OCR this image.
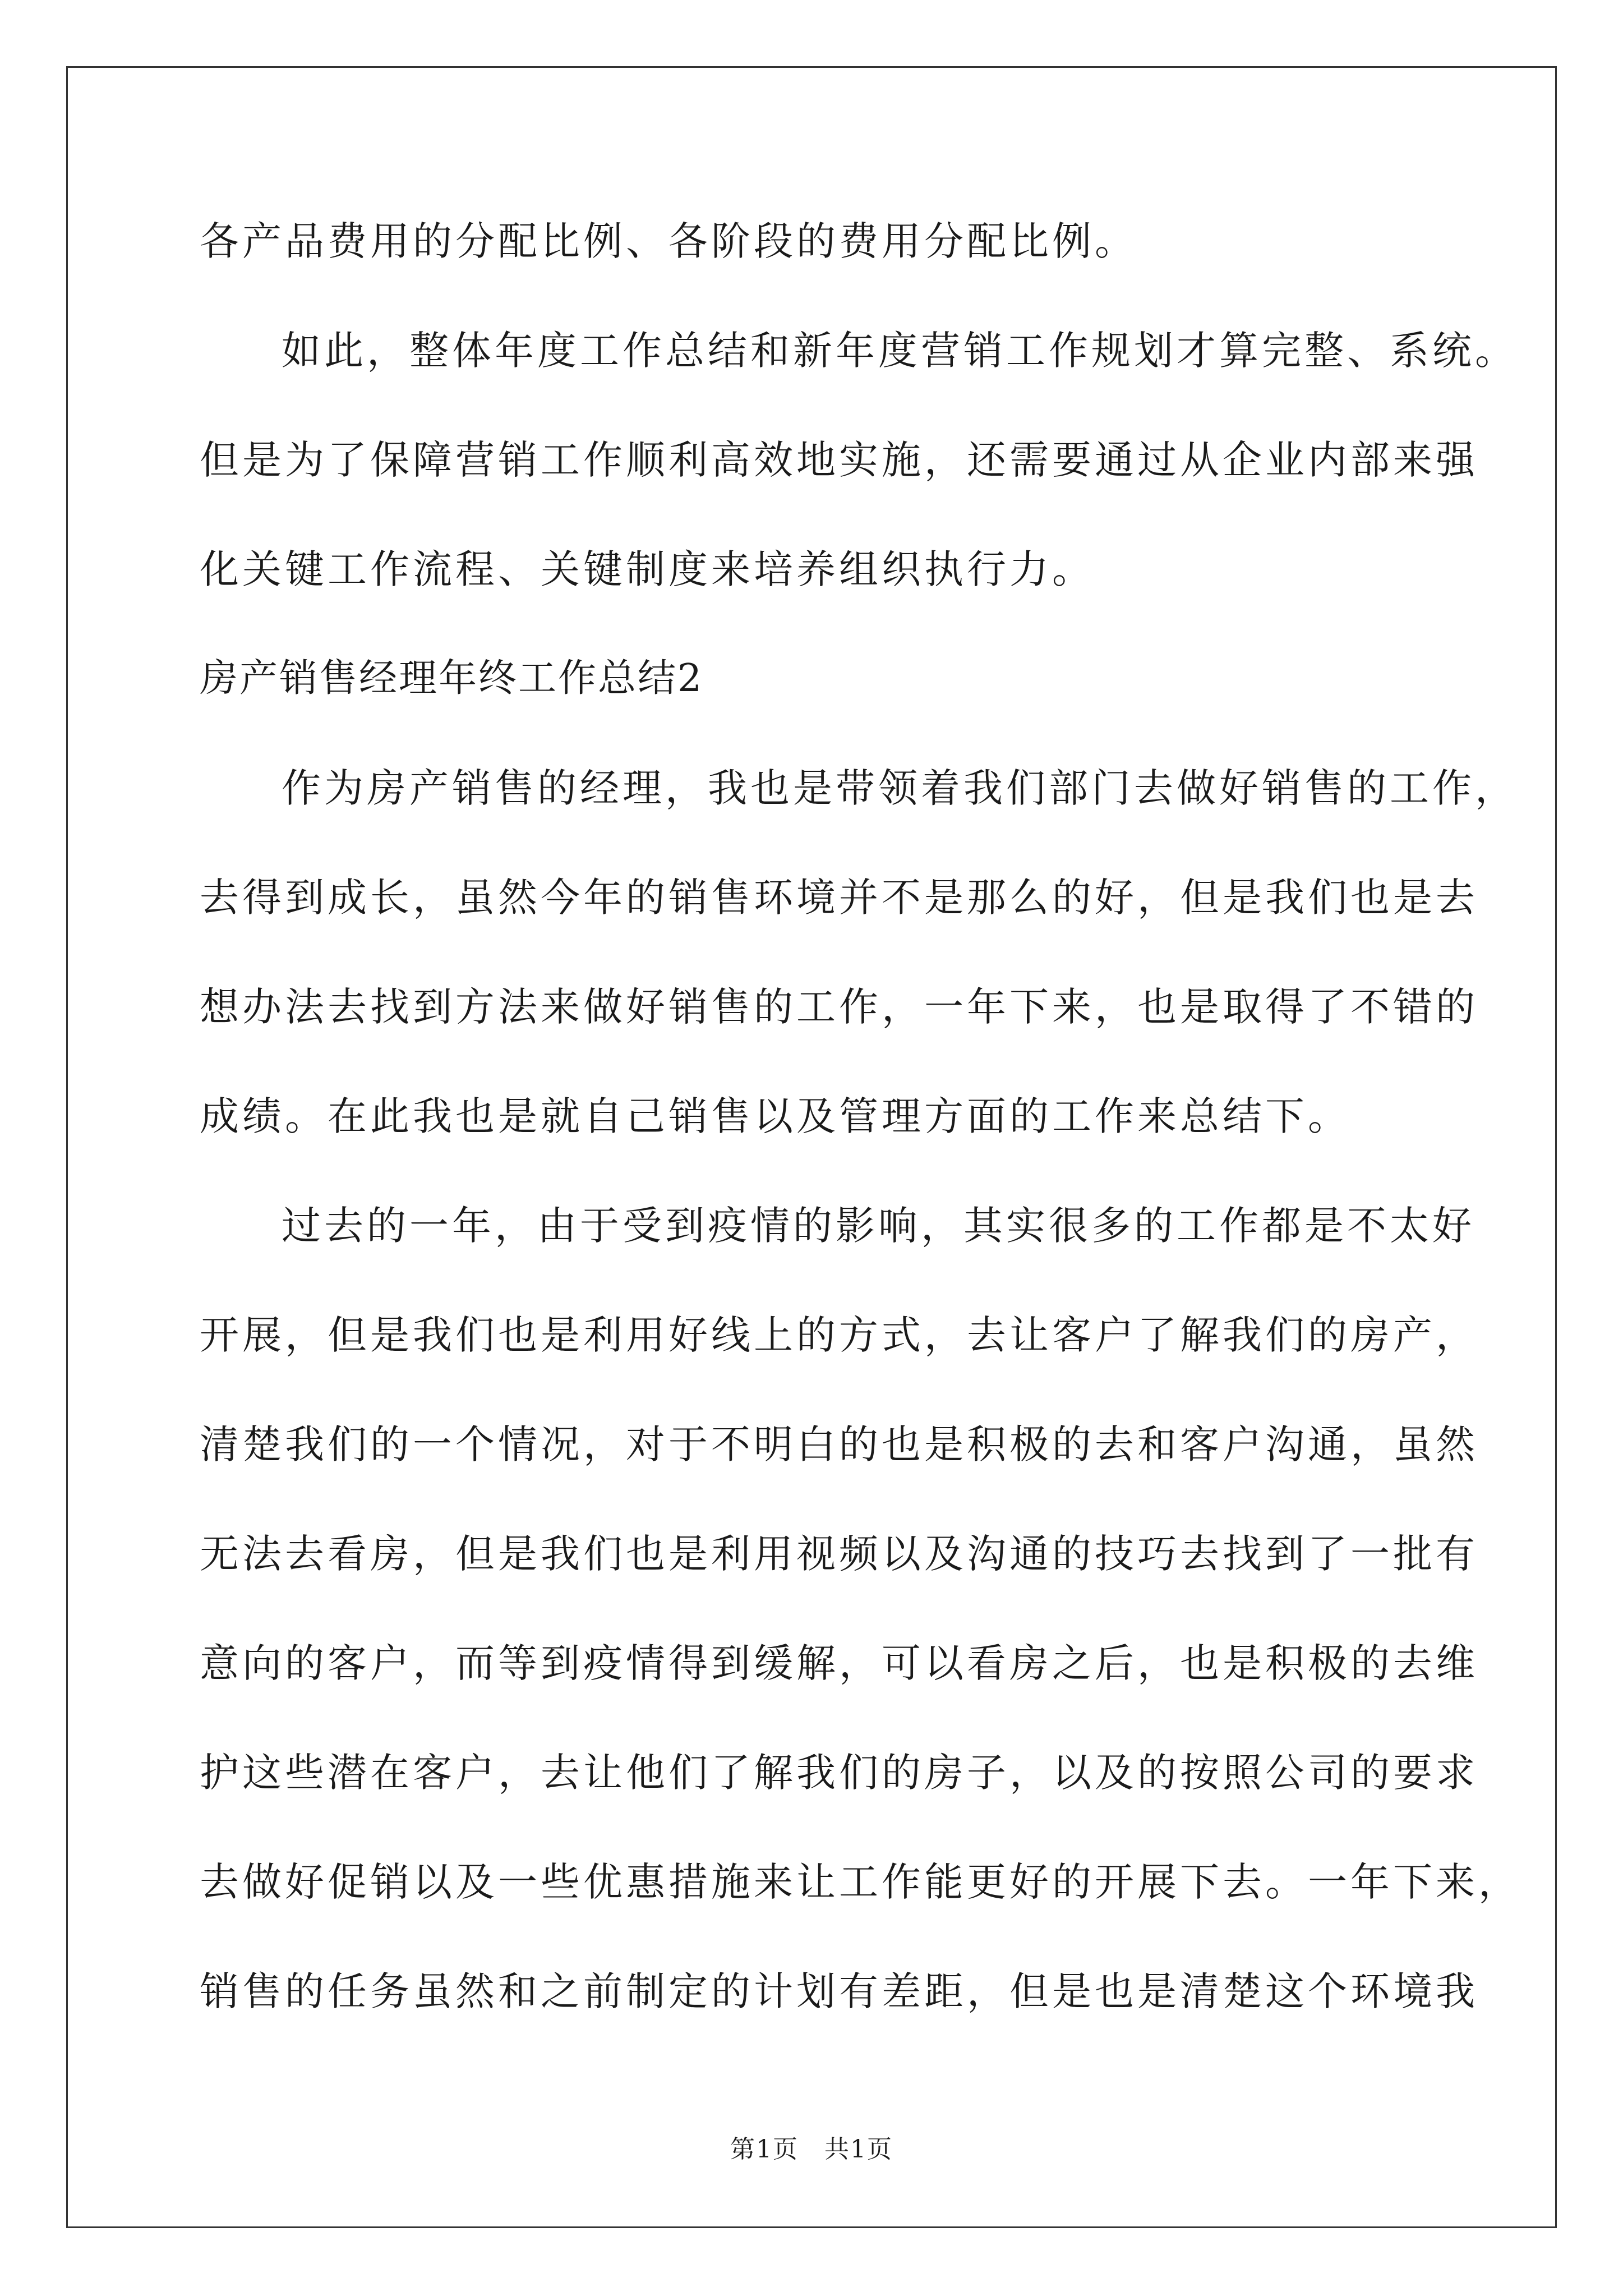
各产品费用的分配比例、各阶段的费用分配比例。
如此，整体年度工作总结和新年度营销工作规划才算完整、系统。
但是为了保障营销工作顺利高效地实施，还需要通过从企业内部来强
化关键工作流程、关键制度来培养组织执行力。
房产销售经理年终工作总结2
作为房产销售的经理，我也是带领着我们部门去做好销售的工作，
去得到成长，虽然今年的销售环境并不是那么的好，但是我们也是去
想办法去找到方法来做好销售的工作，一年下来，也是取得了不错的
成绩。在此我也是就自己销售以及管理方面的工作来总结下。
过去的一年，由于受到疫情的影响，其实很多的工作都是不太好
开展，但是我们也是利用好线上的方式，去让客户了解我们的房产，
清楚我们的一个情况，对于不明白的也是积极的去和客户沟通，虽然
无法去看房，但是我们也是利用视频以及沟通的技巧去找到了一批有
意向的客户，而等到疫情得到缓解，可以看房之后，也是积极的去维
护这些潜在客户，去让他们了解我们的房子，以及的按照公司的要求
去做好促销以及一些优惠措施来让工作能更好的开展下去。一年下来，
销售的任务虽然和之前制定的计划有差距，但是也是清楚这个环境我
第1页　共1页
